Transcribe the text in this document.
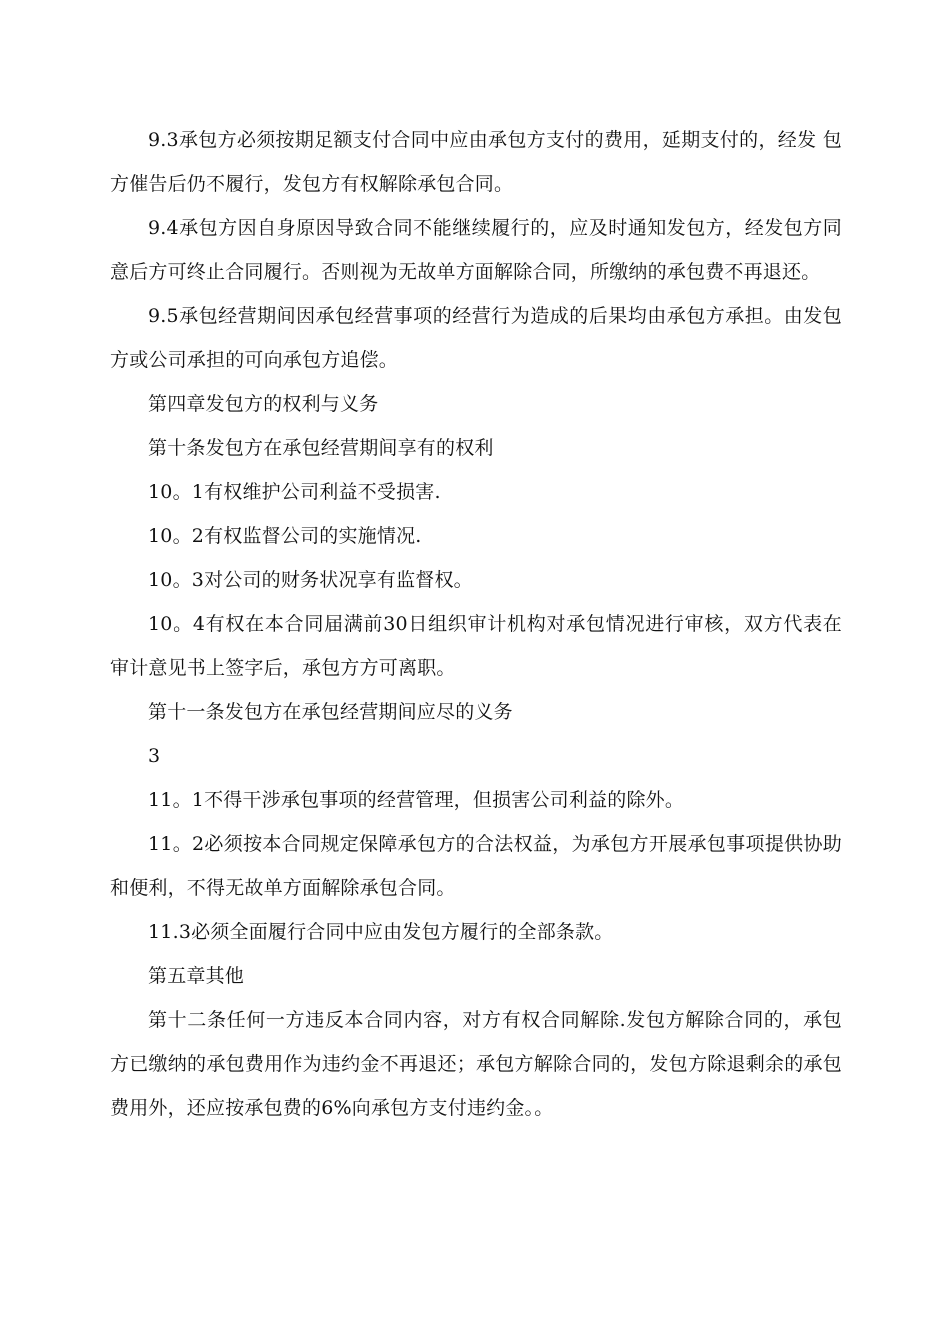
9.3承包方必须按期足额支付合同中应由承包方支付的费用，延期支付的，经发 包方催告后仍不履行，发包方有权解除承包合同。

9.4承包方因自身原因导致合同不能继续履行的，应及时通知发包方，经发包方同意后方可终止合同履行。否则视为无故单方面解除合同，所缴纳的承包费不再退还。

9.5承包经营期间因承包经营事项的经营行为造成的后果均由承包方承担。由发包方或公司承担的可向承包方追偿。

第四章发包方的权利与义务

第十条发包方在承包经营期间享有的权利

10。1有权维护公司利益不受损害.

10。2有权监督公司的实施情况.

10。3对公司的财务状况享有监督权。

10。4有权在本合同届满前30日组织审计机构对承包情况进行审核，双方代表在审计意见书上签字后，承包方方可离职。

第十一条发包方在承包经营期间应尽的义务

3

11。1不得干涉承包事项的经营管理，但损害公司利益的除外。

11。2必须按本合同规定保障承包方的合法权益，为承包方开展承包事项提供协助和便利，不得无故单方面解除承包合同。

11.3必须全面履行合同中应由发包方履行的全部条款。

第五章其他

第十二条任何一方违反本合同内容，对方有权合同解除.发包方解除合同的，承包方已缴纳的承包费用作为违约金不再退还；承包方解除合同的，发包方除退剩余的承包费用外，还应按承包费的6%向承包方支付违约金。。
